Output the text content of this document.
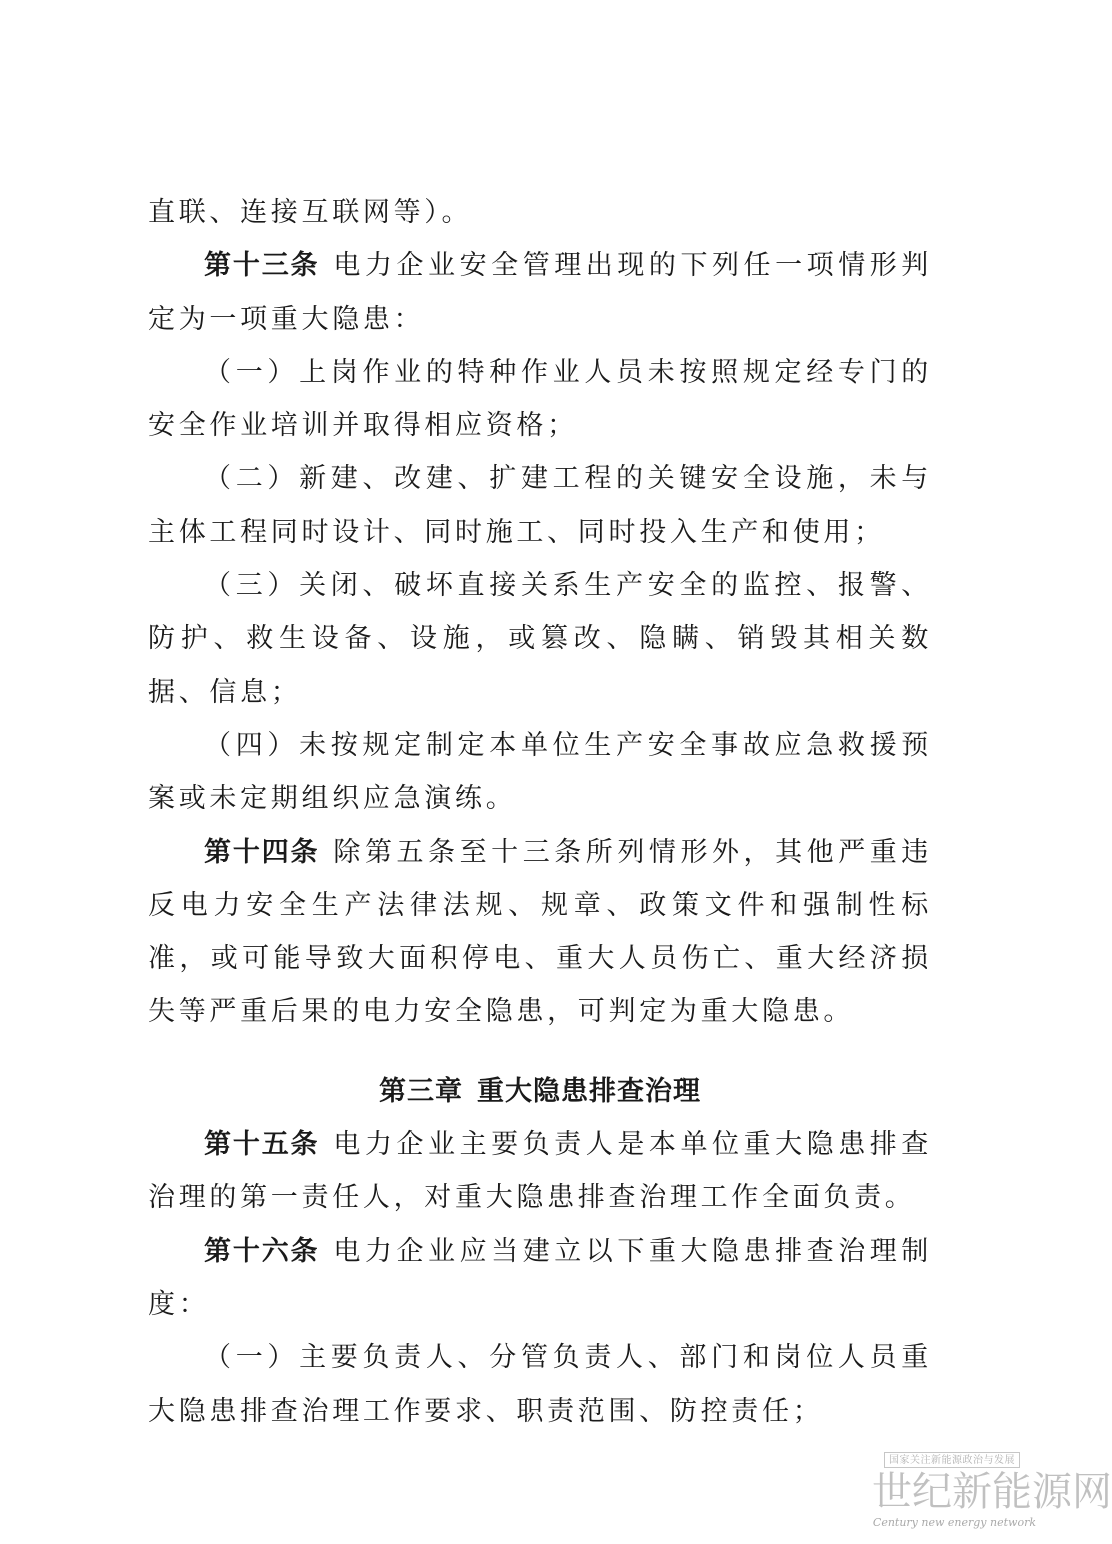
直联、连接互联网等）。

第十三条 电力企业安全管理出现的下列任一项情形判定为一项重大隐患：

（一）上岗作业的特种作业人员未按照规定经专门的安全作业培训并取得相应资格；

（二）新建、改建、扩建工程的关键安全设施，未与主体工程同时设计、同时施工、同时投入生产和使用；

（三）关闭、破坏直接关系生产安全的监控、报警、防护、救生设备、设施，或篡改、隐瞒、销毁其相关数据、信息；

（四）未按规定制定本单位生产安全事故应急救援预案或未定期组织应急演练。

第十四条 除第五条至十三条所列情形外，其他严重违反电力安全生产法律法规、规章、政策文件和强制性标准，或可能导致大面积停电、重大人员伤亡、重大经济损失等严重后果的电力安全隐患，可判定为重大隐患。

第三章 重大隐患排查治理

第十五条 电力企业主要负责人是本单位重大隐患排查治理的第一责任人，对重大隐患排查治理工作全面负责。

第十六条 电力企业应当建立以下重大隐患排查治理制度：

（一）主要负责人、分管负责人、部门和岗位人员重大隐患排查治理工作要求、职责范围、防控责任；

国家关注新能源政治与发展
世纪新能源网
Century new energy network
